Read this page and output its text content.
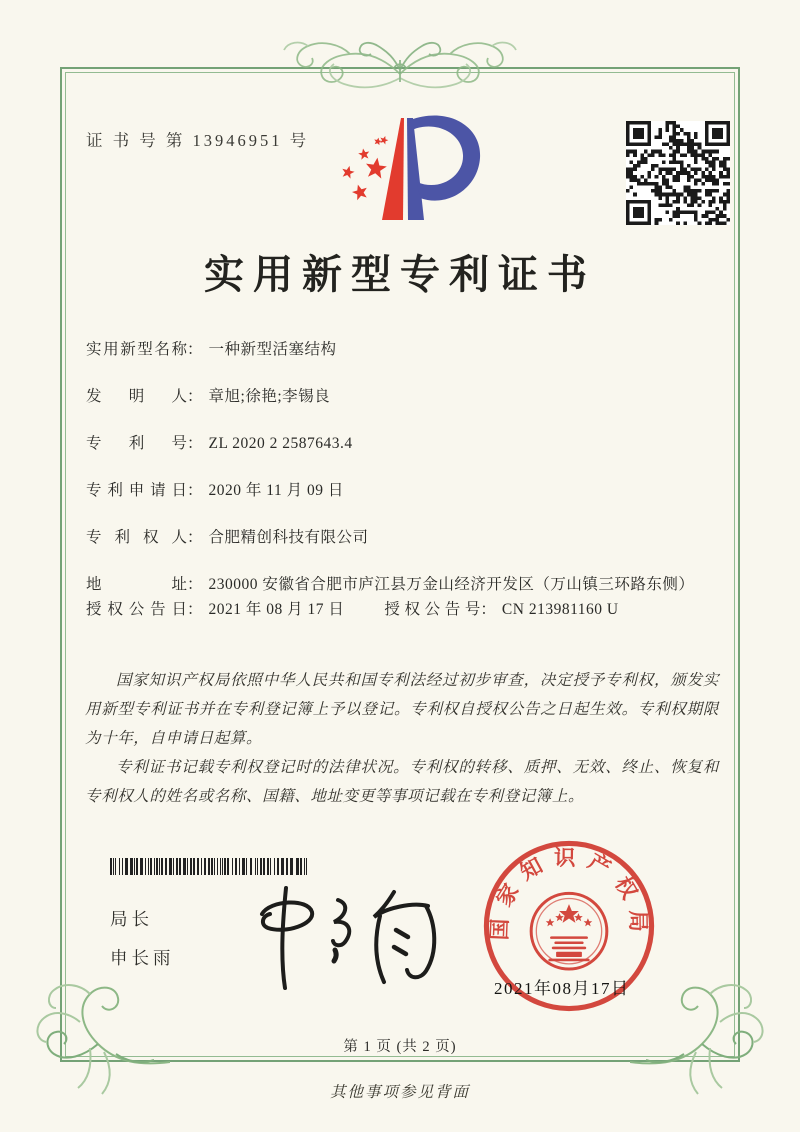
证 书 号 第 13946951 号
实用新型专利证书
实用新型名称 ： 一种新型活塞结构
发明人 ： 章旭;徐艳;李锡良
专利号 ： ZL 2020 2 2587643.4
专利申请日 ： 2020 年 11 月 09 日
专利权人 ： 合肥精创科技有限公司
地址 ： 230000 安徽省合肥市庐江县万金山经济开发区（万山镇三环路东侧）
授权公告日 ： 2021 年 08 月 17 日	授权公告号 ： CN 213981160 U

国家知识产权局依照中华人民共和国专利法经过初步审查，决定授予专利权，颁发实用新型专利证书并在专利登记簿上予以登记。专利权自授权公告之日起生效。专利权期限为十年，自申请日起算。

专利证书记载专利权登记时的法律状况。专利权的转移、质押、无效、终止、恢复和专利权人的姓名或名称、国籍、地址变更等事项记载在专利登记簿上。

局长
申长雨
国家知识产权局
2021年08月17日
第 1 页 (共 2 页)
其他事项参见背面
